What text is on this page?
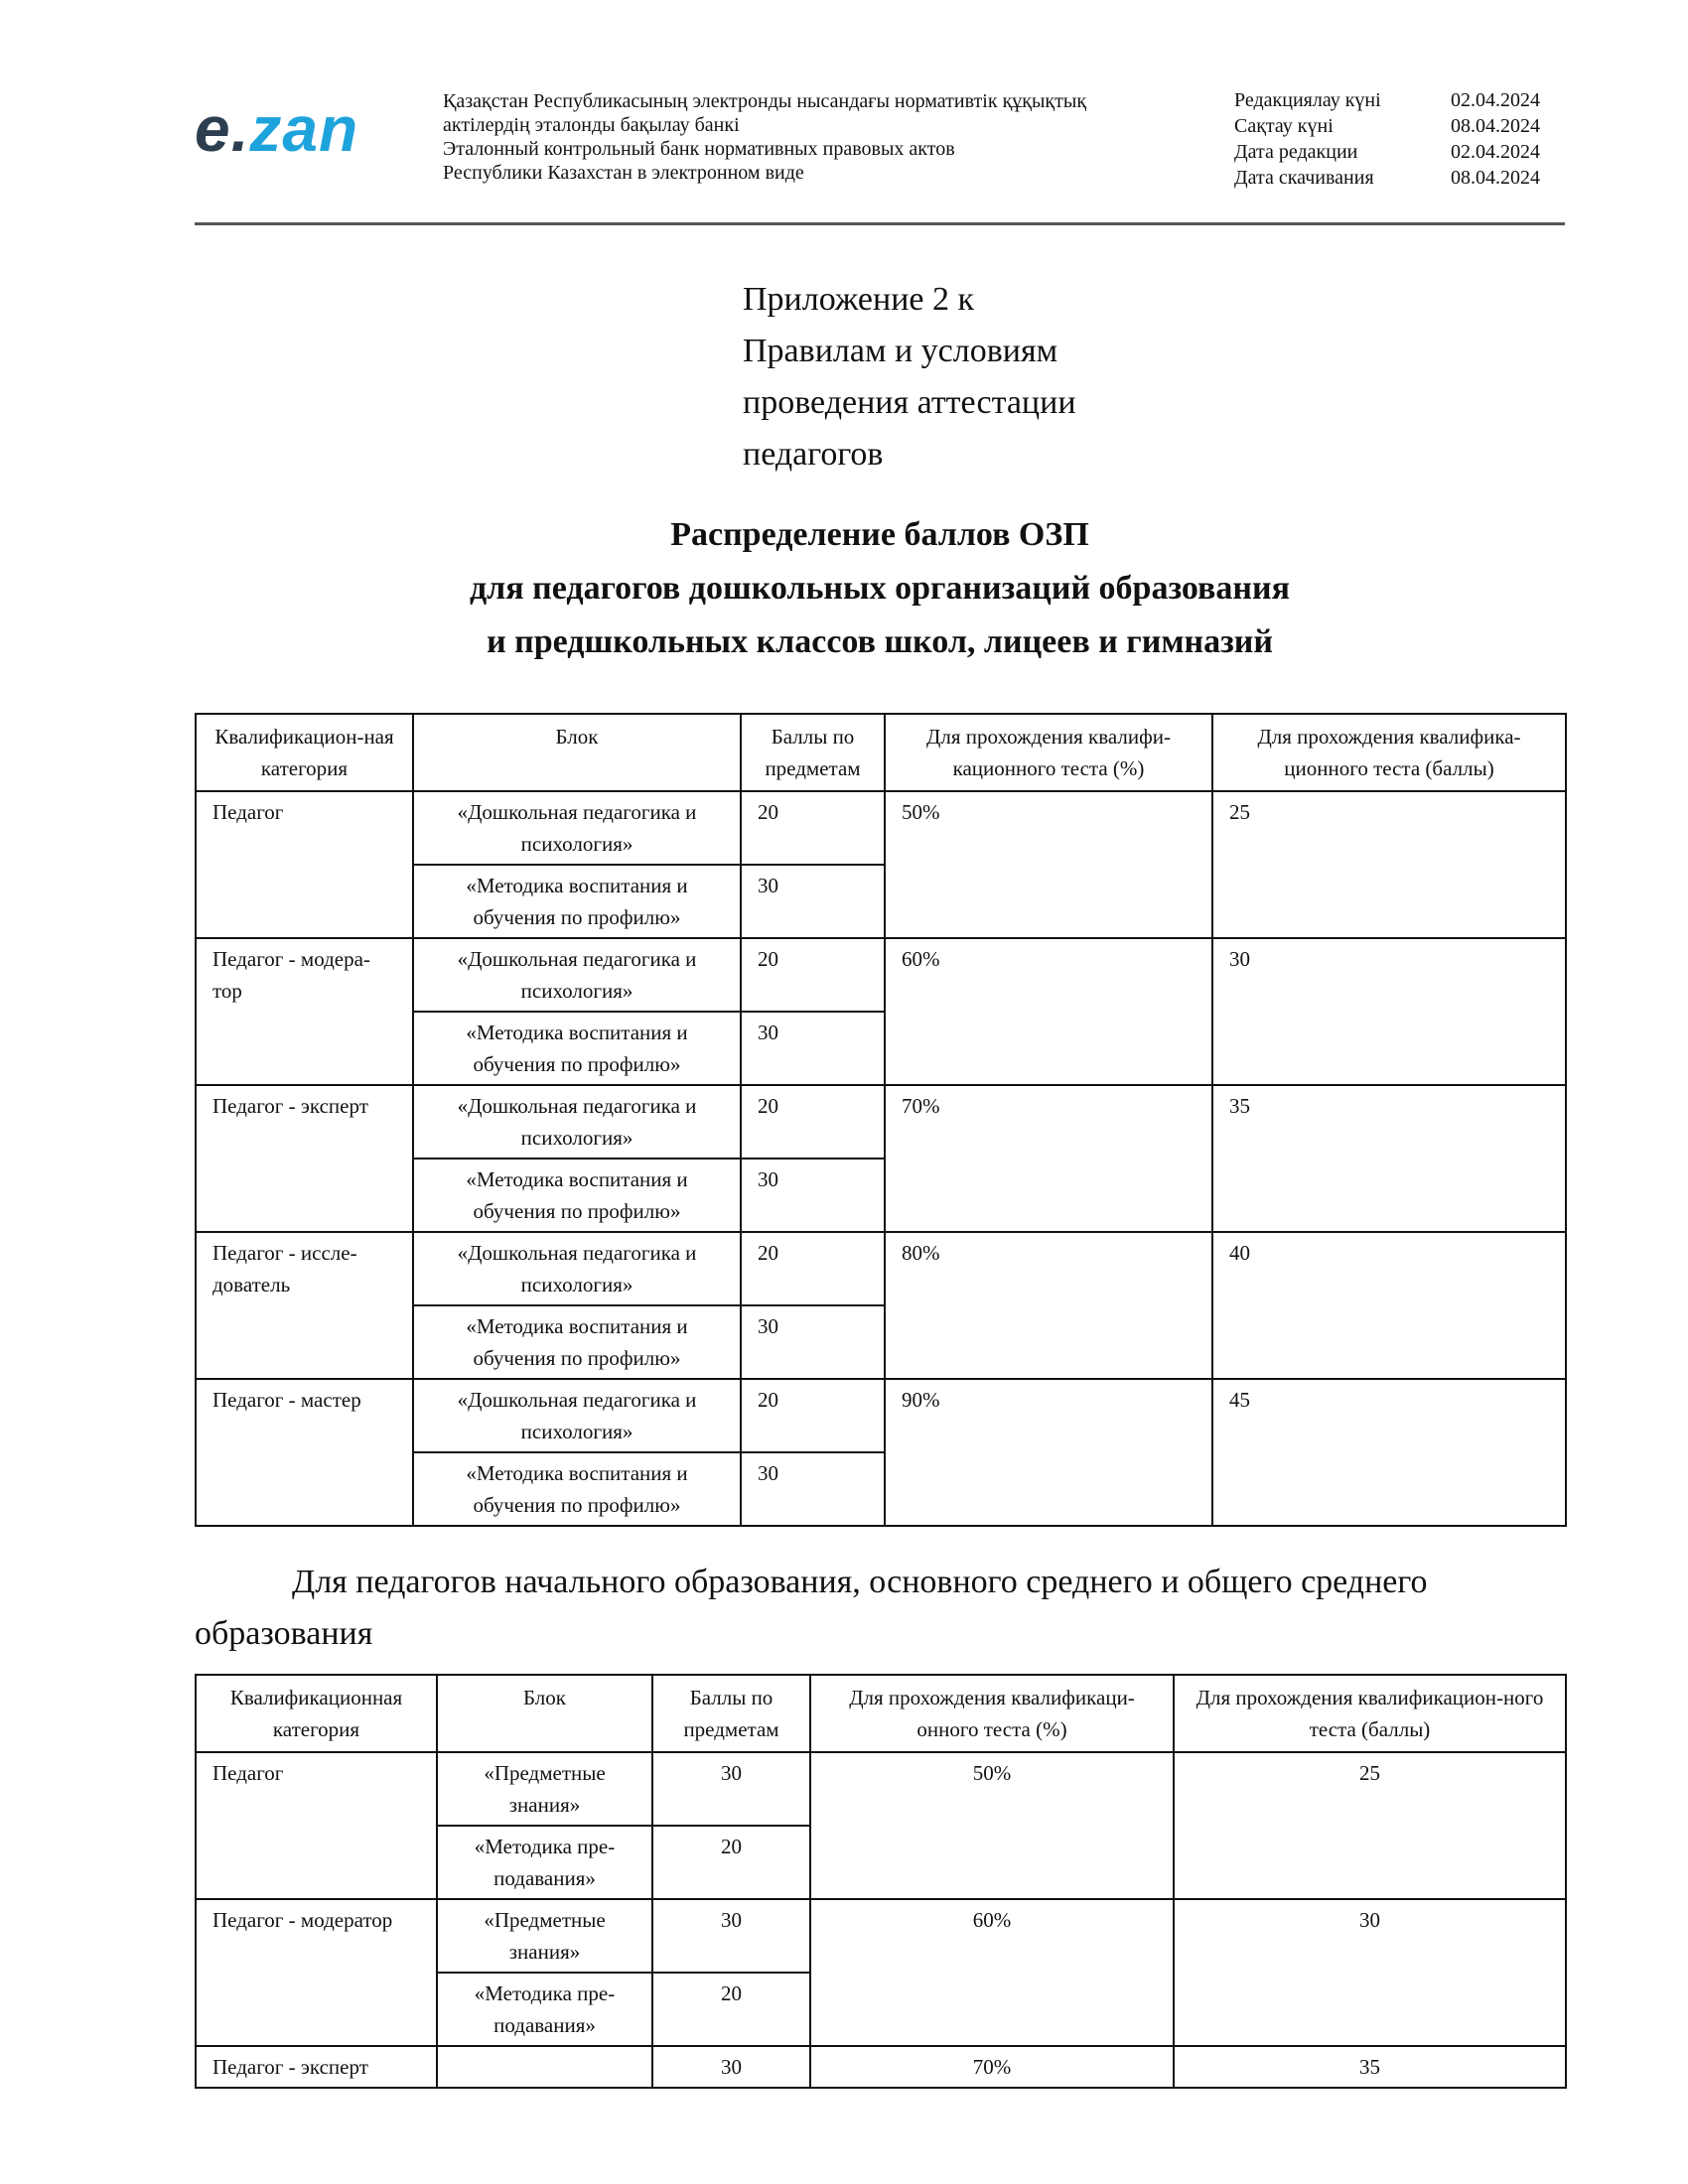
e.zan	Қазақстан Республикасының электронды нысандағы нормативтік құқықтық
актілердің эталонды бақылау банкі
Эталонный контрольный банк нормативных правовых актов
Республики Казахстан в электронном виде
Редакциялау күні	02.04.2024
Сақтау күні	08.04.2024
Дата редакции	02.04.2024
Дата скачивания	08.04.2024
Приложение 2 к
Правилам и условиям
проведения аттестации
педагогов
Распределение баллов ОЗП
для педагогов дошкольных организаций образования
и предшкольных классов школ, лицеев и гимназий
Квалификацион-ная категория	Блок	Баллы по предметам	Для прохождения квалифи-кационного теста (%)	Для прохождения квалифика-ционного теста (баллы)
Педагог	«Дошкольная педагогика и психология»	20	50%	25
	«Методика воспитания и обучения по профилю»	30		
Педагог - модера-тор	«Дошкольная педагогика и психология»	20	60%	30
	«Методика воспитания и обучения по профилю»	30		
Педагог - эксперт	«Дошкольная педагогика и психология»	20	70%	35
	«Методика воспитания и обучения по профилю»	30		
Педагог - иссле-дователь	«Дошкольная педагогика и психология»	20	80%	40
	«Методика воспитания и обучения по профилю»	30		
Педагог - мастер	«Дошкольная педагогика и психология»	20	90%	45
	«Методика воспитания и обучения по профилю»	30		
Для педагогов начального образования, основного среднего и общего среднего образования
Квалификационная категория	Блок	Баллы по предметам	Для прохождения квалификаци-онного теста (%)	Для прохождения квалификацион-ного теста (баллы)
Педагог	«Предметные знания»	30	50%	25
	«Методика пре-подавания»	20		
Педагог - модератор	«Предметные знания»	30	60%	30
	«Методика пре-подавания»	20		
Педагог - эксперт		30	70%	35
